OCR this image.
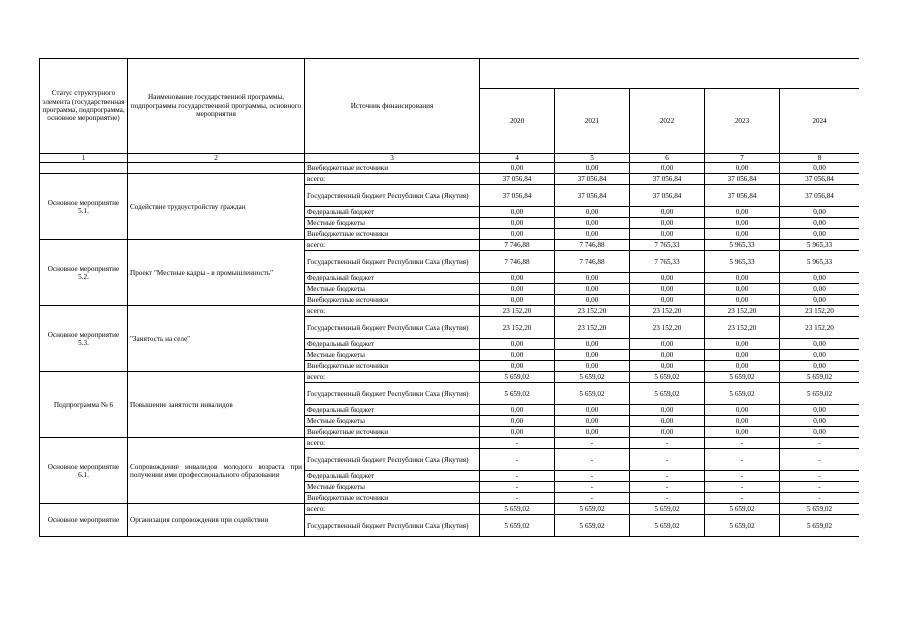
Статус структурного элемента (государственная программа, подпрограмма, основное мероприятие)	Наименование государственной программы, подпрограммы государственной программы, основного мероприятия	Источник финансирования					
			2020	2021	2022	2023	2024
1	2	3	4	5	6	7	8
		Внебюджетные источники	0,00	0,00	0,00	0,00	0,00
Основное мероприятие 5.1.	Содействие трудоустройству граждан	всего:	37 056,84	37 056,84	37 056,84	37 056,84	37 056,84
		Государственный бюджет Республики Саха (Якутия)	37 056,84	37 056,84	37 056,84	37 056,84	37 056,84
		Федеральный бюджет	0,00	0,00	0,00	0,00	0,00
		Местные бюджеты	0,00	0,00	0,00	0,00	0,00
		Внебюджетные источники	0,00	0,00	0,00	0,00	0,00
Основное мероприятие 5.2.	Проект "Местные кадры - в промышленность"	всего:	7 746,88	7 746,88	7 765,33	5 965,33	5 965,33
		Государственный бюджет Республики Саха (Якутия)	7 746,88	7 746,88	7 765,33	5 965,33	5 965,33
		Федеральный бюджет	0,00	0,00	0,00	0,00	0,00
		Местные бюджеты	0,00	0,00	0,00	0,00	0,00
		Внебюджетные источники	0,00	0,00	0,00	0,00	0,00
Основное мероприятие 5.3.	"Занятость на селе"	всего:	23 152,20	23 152,20	23 152,20	23 152,20	23 152,20
		Государственный бюджет Республики Саха (Якутия)	23 152,20	23 152,20	23 152,20	23 152,20	23 152,20
		Федеральный бюджет	0,00	0,00	0,00	0,00	0,00
		Местные бюджеты	0,00	0,00	0,00	0,00	0,00
		Внебюджетные источники	0,00	0,00	0,00	0,00	0,00
Подпрограмма № 6	Повышение занятости инвалидов	всего:	5 659,02	5 659,02	5 659,02	5 659,02	5 659,02
		Государственный бюджет Республики Саха (Якутия)	5 659,02	5 659,02	5 659,02	5 659,02	5 659,02
		Федеральный бюджет	0,00	0,00	0,00	0,00	0,00
		Местные бюджеты	0,00	0,00	0,00	0,00	0,00
		Внебюджетные источники	0,00	0,00	0,00	0,00	0,00
Основное мероприятие 6.1.	Сопровождение инвалидов молодого возраста при получении ими профессионального образования	всего:	-	-	-	-	-
		Государственный бюджет Республики Саха (Якутия)	-	-	-	-	-
		Федеральный бюджет	-	-	-	-	-
		Местные бюджеты	-	-	-	-	-
		Внебюджетные источники	-	-	-	-	-
Основное мероприятие	Организация сопровождения при содействии	всего:	5 659,02	5 659,02	5 659,02	5 659,02	5 659,02
		Государственный бюджет Республики Саха (Якутия)	5 659,02	5 659,02	5 659,02	5 659,02	5 659,02
